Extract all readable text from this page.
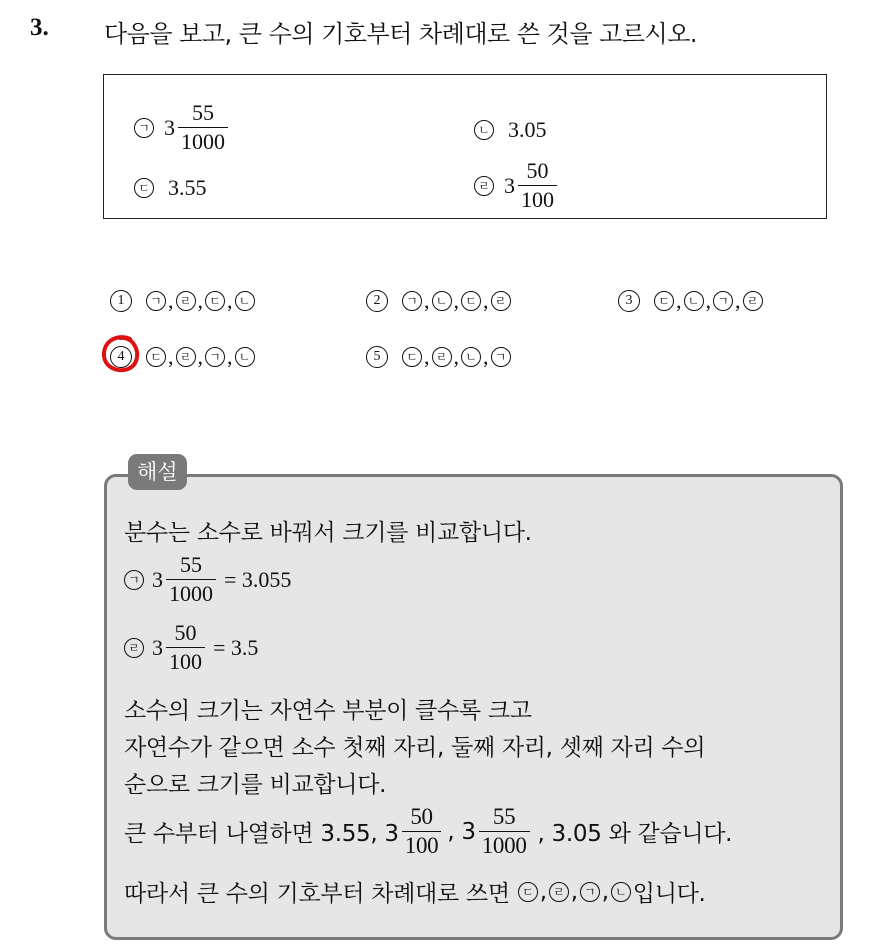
3. 다음을 보고, 큰 수의 기호부터 차례대로 쓴 것을 고르시오.
ㄱ $3 \frac{55}{1000}$	ㄴ 3.05
ㄷ 3.55	ㄹ $3 \frac{50}{100}$
1	ㄱ , ㄹ , ㄷ , ㄴ	2	ㄱ , ㄴ , ㄷ , ㄹ	3	ㄷ , ㄴ , ㄱ , ㄹ
4	ㄷ , ㄹ , ㄱ , ㄴ	5	ㄷ , ㄹ , ㄴ , ㄱ
해설
분수는 소수로 바꿔서 크기를 비교합니다.
ㄱ $3 \frac{55}{1000} = 3.055$
ㄹ $3 \frac{50}{100} = 3.5$
소수의 크기는 자연수 부분이 클수록 크고
자연수가 같으면 소수 첫째 자리, 둘째 자리, 셋째 자리 수의
순으로 크기를 비교합니다.
큰 수부터 나열하면 3.55, $3 \frac{50}{100}$ , $3 \frac{55}{1000}$ , 3.05 와 같습니다.
따라서 큰 수의 기호부터 차례대로 쓰면	ㄷ , ㄹ , ㄱ , ㄴ 입니다.
